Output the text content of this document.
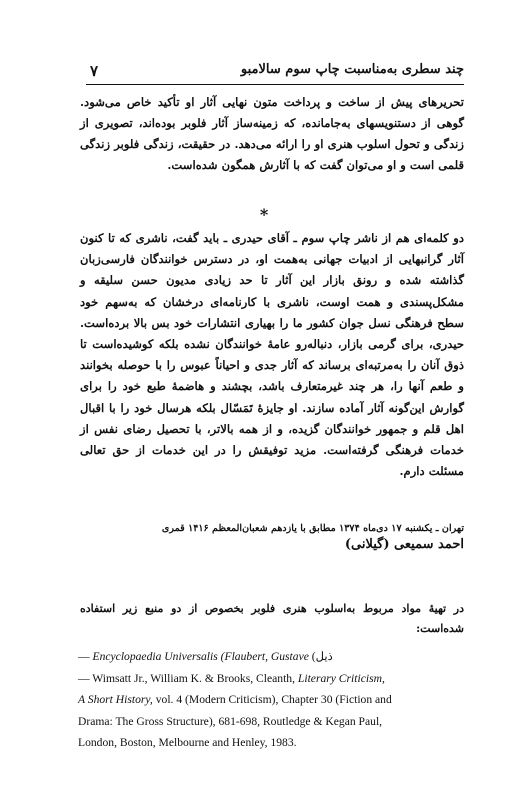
۷	چند سطری به‌مناسبت چاپ سوم سالامبو
تحریرهای پیش از ساخت و پرداخت متون نهایی آثار او تأکید خاص می‌شود. گوهی از دستنویسهای به‌جامانده، که زمینه‌ساز آثار فلوبر بوده‌اند، تصویری از زندگی و تحول اسلوب هنری او را ارائه می‌دهد. در حقیقت، زندگی فلوبر زندگی قلمی است و او می‌توان گفت که با آثارش همگون شده‌است.
*
دو کلمه‌ای هم از ناشر چاپ سوم ـ آقای حیدری ـ باید گفت، ناشری که تا کنون آثار گرانبهایی از ادبیات جهانی به‌همت او، در دسترس خوانندگان فارسی‌زبان گذاشته شده و رونق بازار این آثار تا حد زیادی مدیون حسن سلیقه و مشکل‌پسندی و همت اوست، ناشری با کارنامه‌ای درخشان که به‌سهم خود سطح فرهنگی نسل جوان کشور ما را بهیاری انتشارات خود بس بالا برده‌است. حیدری، برای گرمی بازار، دنباله‌رو عامهٔ خوانندگان نشده بلکه کوشیده‌است تا ذوق آنان را به‌مرتبه‌ای برساند که آثار جدی و احیاناً عبوس را با حوصله بخوانند و طعم آنها را، هر چند غیرمتعارف باشد، بچشند و هاضمهٔ طبع خود را برای گوارش این‌گونه آثار آماده سازند. او جایزهٔ تَمَسّال بلکه هرسال خود را با اقبال اهل قلم و جمهور خوانندگان گزیده، و از همه بالاتر، با تحصیل رضای نفس از خدمات فرهنگی گرفته‌است. مزید توفیقش را در این خدمات از حق تعالی مسئلت دارم.
تهران ـ یکشنبه ۱۷ دی‌ماه ۱۳۷۴ مطابق با یازدهم شعبان‌المعظم ۱۴۱۶ قمری
احمد سمیعی (گیلانی)
در تهیهٔ مواد مربوط به‌اسلوب هنری فلوبر بخصوص از دو منبع زیر استفاده شده‌است:
— Encyclopaedia Universalis (Flaubert, Gustave (ذیل
— Wimsatt Jr., William K. & Brooks, Cleanth, Literary Criticism,
A Short History, vol. 4 (Modern Criticism), Chapter 30 (Fiction and
Drama: The Gross Structure), 681-698, Routledge & Kegan Paul,
London, Boston, Melbourne and Henley, 1983.
